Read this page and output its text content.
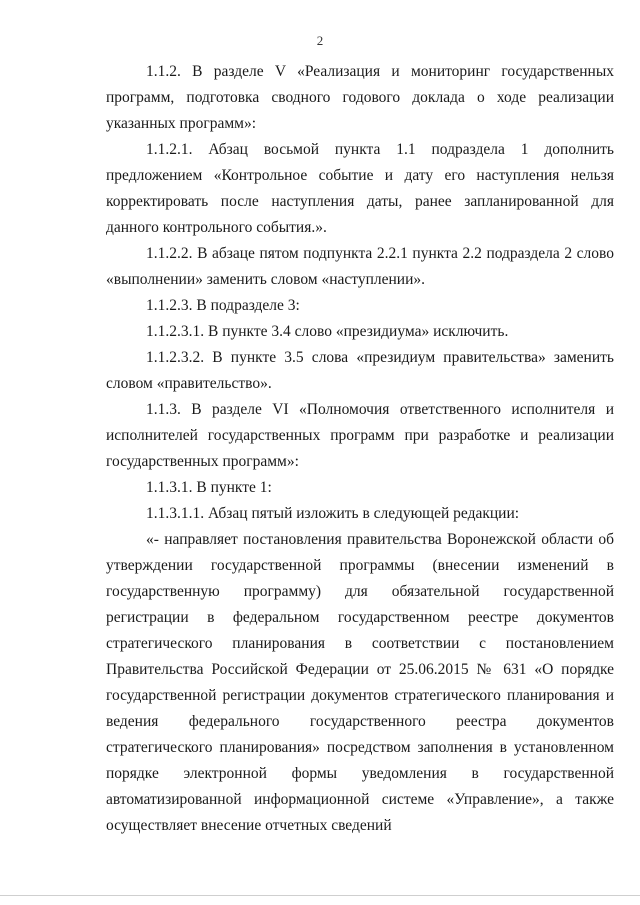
2

1.1.2. В разделе V «Реализация и мониторинг государственных программ, подготовка сводного годового доклада о ходе реализации указанных программ»:

1.1.2.1. Абзац восьмой пункта 1.1 подраздела 1 дополнить предложением «Контрольное событие и дату его наступления нельзя корректировать после наступления даты, ранее запланированной для данного контрольного события.».

1.1.2.2. В абзаце пятом подпункта 2.2.1 пункта 2.2 подраздела 2 слово «выполнении» заменить словом «наступлении».

1.1.2.3. В подразделе 3:

1.1.2.3.1. В пункте 3.4 слово «президиума» исключить.

1.1.2.3.2. В пункте 3.5 слова «президиум правительства» заменить словом «правительство».

1.1.3. В разделе VI «Полномочия ответственного исполнителя и исполнителей государственных программ при разработке и реализации государственных программ»:

1.1.3.1. В пункте 1:

1.1.3.1.1. Абзац пятый изложить в следующей редакции:

«- направляет постановления правительства Воронежской области об утверждении государственной программы (внесении изменений в государственную программу) для обязательной государственной регистрации в федеральном государственном реестре документов стратегического планирования в соответствии с постановлением Правительства Российской Федерации от 25.06.2015 № 631 «О порядке государственной регистрации документов стратегического планирования и ведения федерального государственного реестра документов стратегического планирования» посредством заполнения в установленном порядке электронной формы уведомления в государственной автоматизированной информационной системе «Управление», а также осуществляет внесение отчетных сведений
